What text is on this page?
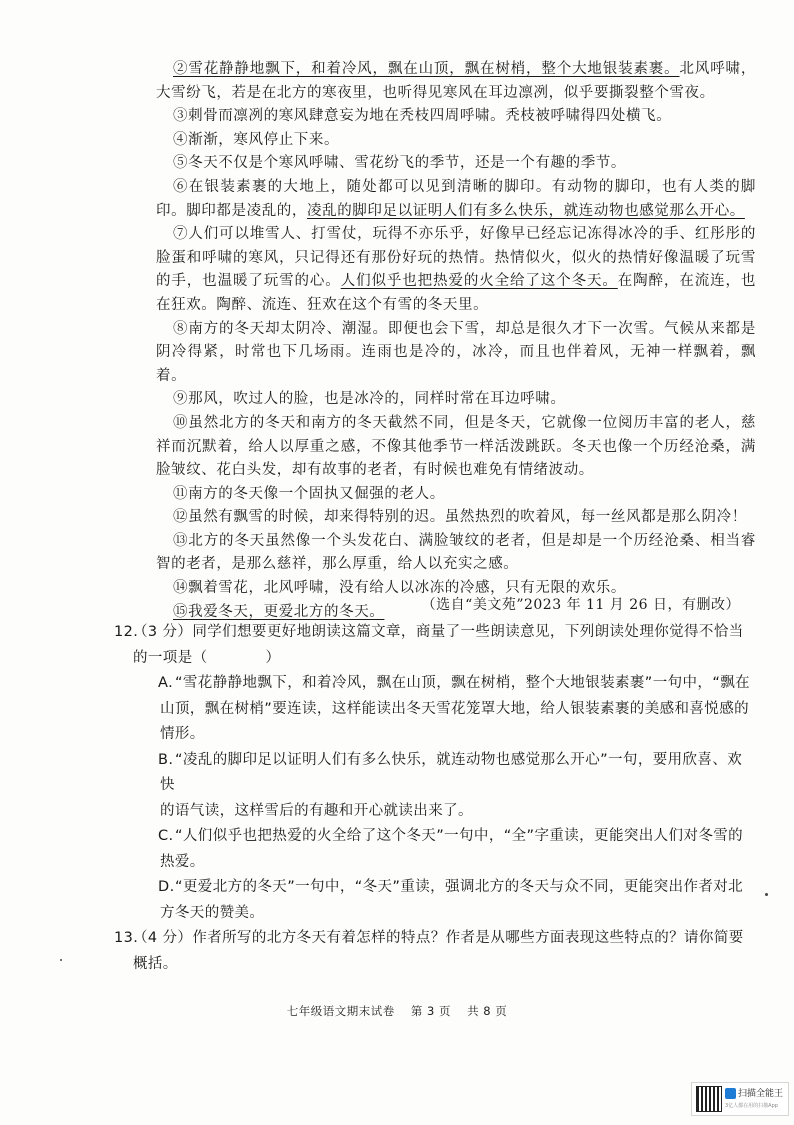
②雪花静静地飘下，和着冷风，飘在山顶，飘在树梢，整个大地银装素裹。北风呼啸，大雪纷飞，若是在北方的寒夜里，也听得见寒风在耳边凛冽，似乎要撕裂整个雪夜。

③刺骨而凛冽的寒风肆意妄为地在秃枝四周呼啸。秃枝被呼啸得四处横飞。

④渐渐，寒风停止下来。

⑤冬天不仅是个寒风呼啸、雪花纷飞的季节，还是一个有趣的季节。

⑥在银装素裹的大地上，随处都可以见到清晰的脚印。有动物的脚印，也有人类的脚印。脚印都是凌乱的，凌乱的脚印足以证明人们有多么快乐，就连动物也感觉那么开心。

⑦人们可以堆雪人、打雪仗，玩得不亦乐乎，好像早已经忘记冻得冰冷的手、红彤彤的脸蛋和呼啸的寒风，只记得还有那份好玩的热情。热情似火，似火的热情好像温暖了玩雪的手，也温暖了玩雪的心。人们似乎也把热爱的火全给了这个冬天。在陶醉，在流连，也在狂欢。陶醉、流连、狂欢在这个有雪的冬天里。

⑧南方的冬天却太阴冷、潮湿。即便也会下雪，却总是很久才下一次雪。气候从来都是阴冷得紧，时常也下几场雨。连雨也是冷的，冰冷，而且也伴着风，无神一样飘着，飘着。

⑨那风，吹过人的脸，也是冰冷的，同样时常在耳边呼啸。

⑩虽然北方的冬天和南方的冬天截然不同，但是冬天，它就像一位阅历丰富的老人，慈祥而沉默着，给人以厚重之感，不像其他季节一样活泼跳跃。冬天也像一个历经沧桑，满脸皱纹、花白头发，却有故事的老者，有时候也难免有情绪波动。

⑪南方的冬天像一个固执又倔强的老人。

⑫虽然有飘雪的时候，却来得特别的迟。虽然热烈的吹着风，每一丝风都是那么阴冷！

⑬北方的冬天虽然像一个头发花白、满脸皱纹的老者，但是却是一个历经沧桑、相当睿智的老者，是那么慈祥，那么厚重，给人以充实之感。

⑭飘着雪花，北风呼啸，没有给人以冰冻的冷感，只有无限的欢乐。

⑮我爱冬天，更爱北方的冬天。	（选自“美文苑”2023 年 11 月 26 日，有删改）
12.
（3 分）同学们想要更好地朗读这篇文章，商量了一些朗读意见，下列朗读处理你觉得不恰当
的一项是（	）
A. “雪花静静地飘下，和着冷风，飘在山顶，飘在树梢，整个大地银装素裹”一句中，“飘在
山顶，飘在树梢”要连读，这样能读出冬天雪花笼罩大地，给人银装素裹的美感和喜悦感的
情形。
B. “凌乱的脚印足以证明人们有多么快乐，就连动物也感觉那么开心”一句，要用欣喜、欢快
的语气读，这样雪后的有趣和开心就读出来了。
C. “人们似乎也把热爱的火全给了这个冬天”一句中，“全”字重读，更能突出人们对冬雪的
热爱。
D. “更爱北方的冬天”一句中，“冬天”重读，强调北方的冬天与众不同，更能突出作者对北
方冬天的赞美。
13.
（4 分）作者所写的北方冬天有着怎样的特点？作者是从哪些方面表现这些特点的？请你简要
概括。
七年级语文期末试卷 第 3 页 共 8 页
扫描全能王
3亿人都在用的扫描App
